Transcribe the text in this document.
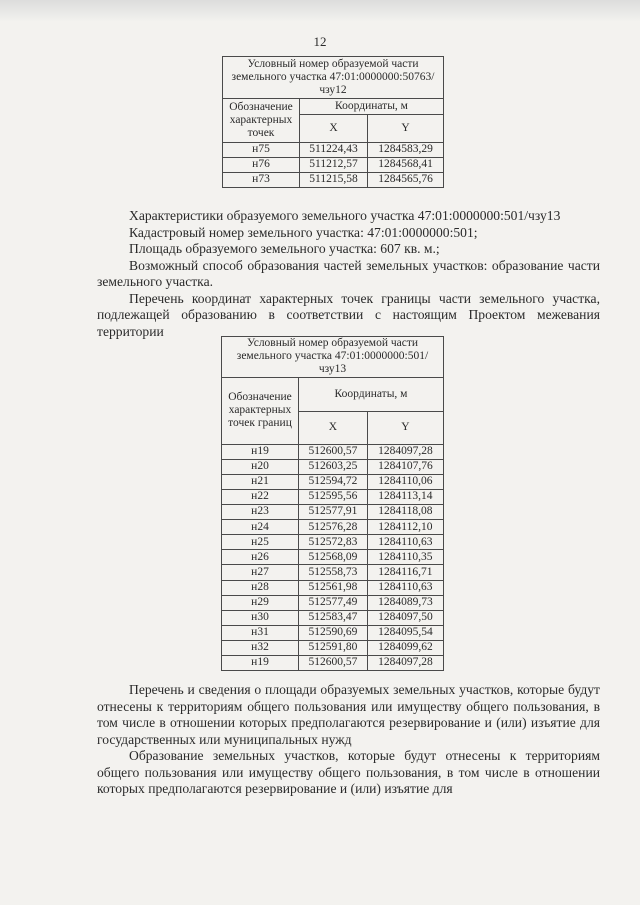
12
Условный номер образуемой части земельного участка 47:01:0000000:50763/чзу12		
Обозначение характерных точек	Координаты, м	
	X	Y
н75	511224,43	1284583,29
н76	511212,57	1284568,41
н73	511215,58	1284565,76

Характеристики образуемого земельного участка 47:01:0000000:501/чзу13

Кадастровый номер земельного участка: 47:01:0000000:501;

Площадь образуемого земельного участка: 607 кв. м.;

Возможный способ образования частей земельных участков: образование части земельного участка.

Перечень координат характерных точек границы части земельного участка, подлежащей образованию в соответствии с настоящим Проектом межевания территории

Условный номер образуемой части земельного участка 47:01:0000000:501/чзу13		
Обозначение характерных точек границ	Координаты, м	
	X	Y
н19	512600,57	1284097,28
н20	512603,25	1284107,76
н21	512594,72	1284110,06
н22	512595,56	1284113,14
н23	512577,91	1284118,08
н24	512576,28	1284112,10
н25	512572,83	1284110,63
н26	512568,09	1284110,35
н27	512558,73	1284116,71
н28	512561,98	1284110,63
н29	512577,49	1284089,73
н30	512583,47	1284097,50
н31	512590,69	1284095,54
н32	512591,80	1284099,62
н19	512600,57	1284097,28

Перечень и сведения о площади образуемых земельных участков, которые будут отнесены к территориям общего пользования или имуществу общего пользования, в том числе в отношении которых предполагаются резервирование и (или) изъятие для государственных или муниципальных нужд

Образование земельных участков, которые будут отнесены к территориям общего пользования или имуществу общего пользования, в том числе в отношении которых предполагаются резервирование и (или) изъятие для
